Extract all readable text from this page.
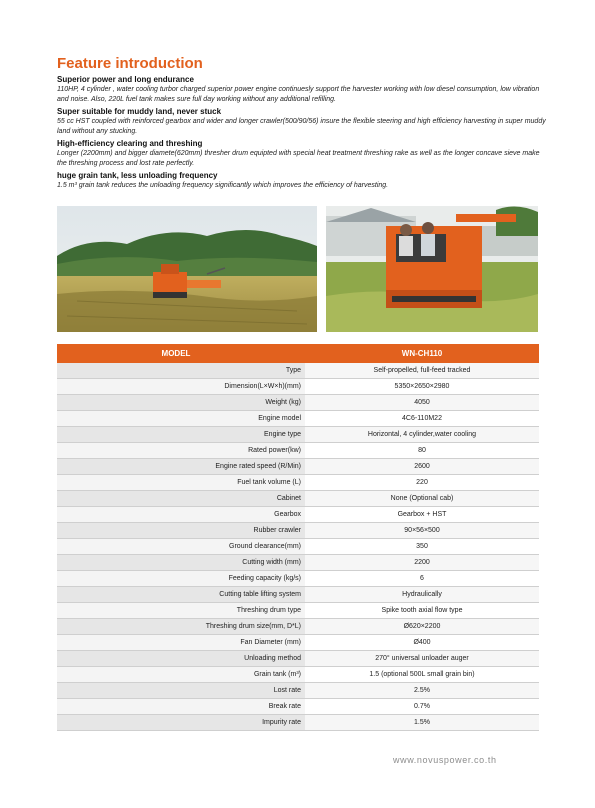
Feature introduction

Superior power and long endurance

110HP, 4 cylinder , water cooling turbor charged superior power engine continuesly support the harvester working with low diesel consumption, low vibration and noise. Also, 220L fuel tank makes sure full day working without any additional refilling.

Super suitable for muddy land, never stuck

55 cc HST coupled with reinforced gearbox and wider and longer crawler(500/90/56) insure the flexible steering and high efficiency harvesting in super muddy land without any stucking.

High-efficiency clearing and threshing

Longer (2200mm) and bigger diamete(620mm) thresher drum equipted with special heat treatment threshing rake as well as the longer concave sieve make the threshing process and lost rate perfectly.

huge grain tank, less unloading frequency

1.5 m³ grain tank reduces the unloading frequency significantly which improves the efficiency of harvesting.

MODEL	WN-CH110
Type	Self-propelled, full-feed tracked
Dimension(L×W×h)(mm)	5350×2650×2980
Weight (kg)	4050
Engine model	4C6-110M22
Engine type	Horizontal, 4 cylinder,water cooling
Rated power(kw)	80
Engine rated speed (R/Min)	2600
Fuel tank volume (L)	220
Cabinet	None (Optional cab)
Gearbox	Gearbox + HST
Rubber crawler	90×56×500
Ground clearance(mm)	350
Cutting width (mm)	2200
Feeding capacity (kg/s)	6
Cutting table lifting system	Hydraulically
Threshing drum type	Spike tooth axial flow type
Threshing drum size(mm, D*L)	Ø620×2200
Fan Diameter (mm)	Ø400
Unloading method	270° universal unloader auger
Grain tank (m³)	1.5 (optional 500L small grain bin)
Lost rate	2.5%
Break rate	0.7%
Impurity rate	1.5%
www.novuspower.co.th
